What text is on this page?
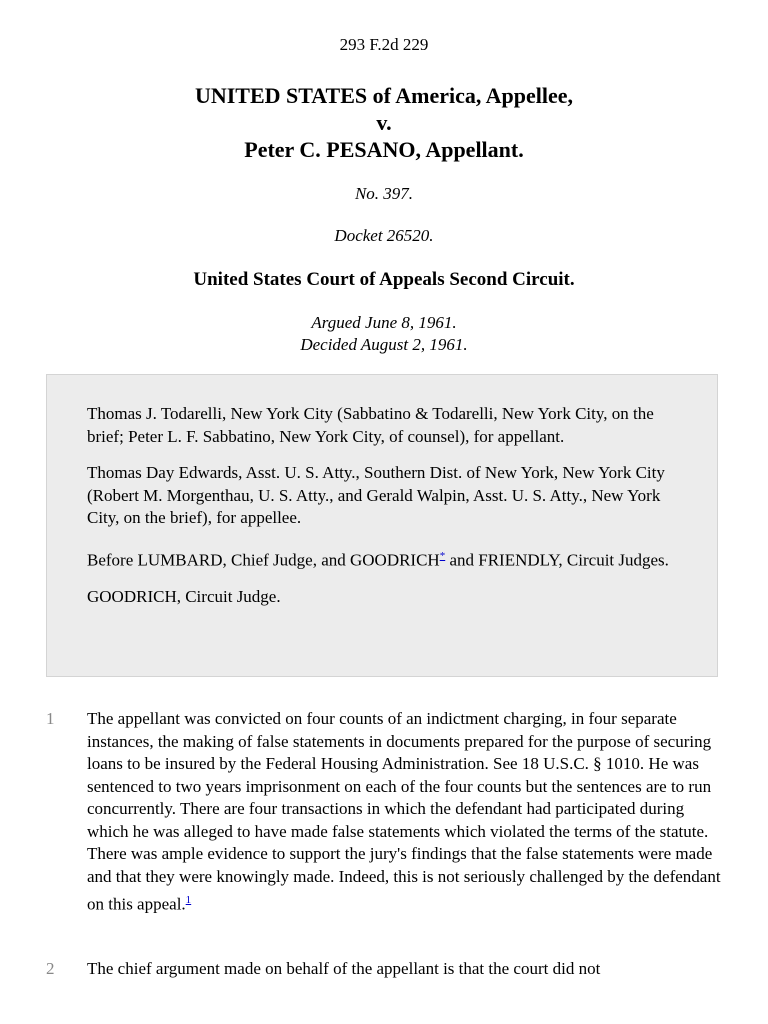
293 F.2d 229
UNITED STATES of America, Appellee,
v.
Peter C. PESANO, Appellant.
No. 397.
Docket 26520.
United States Court of Appeals Second Circuit.
Argued June 8, 1961.
Decided August 2, 1961.

Thomas J. Todarelli, New York City (Sabbatino & Todarelli, New York City, on the brief; Peter L. F. Sabbatino, New York City, of counsel), for appellant.

Thomas Day Edwards, Asst. U. S. Atty., Southern Dist. of New York, New York City (Robert M. Morgenthau, U. S. Atty., and Gerald Walpin, Asst. U. S. Atty., New York City, on the brief), for appellee.

Before LUMBARD, Chief Judge, and GOODRICH* and FRIENDLY, Circuit Judges.

GOODRICH, Circuit Judge.

1	The appellant was convicted on four counts of an indictment charging, in four separate instances, the making of false statements in documents prepared for the purpose of securing loans to be insured by the Federal Housing Administration. See 18 U.S.C. § 1010. He was sentenced to two years imprisonment on each of the four counts but the sentences are to run concurrently. There are four transactions in which the defendant had participated during which he was alleged to have made false statements which violated the terms of the statute. There was ample evidence to support the jury's findings that the false statements were made and that they were knowingly made. Indeed, this is not seriously challenged by the defendant on this appeal.$^1$

2	The chief argument made on behalf of the appellant is that the court did not
